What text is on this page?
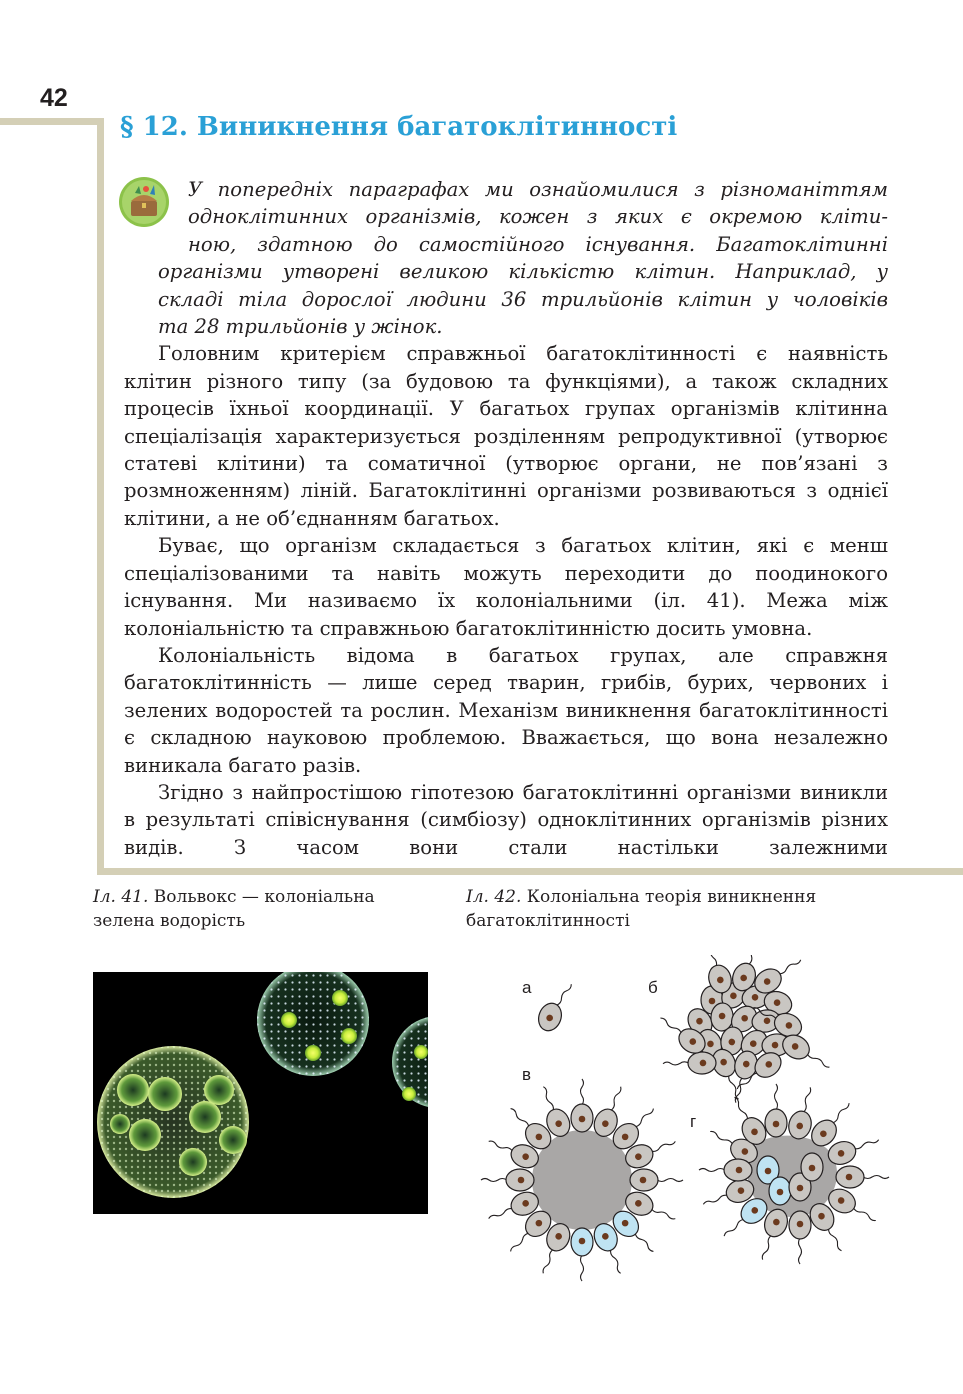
42
§ 12. Виникнення багатоклітинності

У попередніх параграфах ми ознайомилися з різноманіттям
одноклітинних організмів, кожен з яких є окремою кліти-
ною, здатною до самостійного існування. Багатоклітинні
організми утворені великою кількістю клітин. Наприклад, у
складі тіла дорослої людини 36 трильйонів клітин у чоловіків
та 28 трильйонів у жінок.

Головним критерієм справжньої багатоклітинності є наявність клітин різного типу (за будовою та функціями), а також складних процесів їхньої координації. У багатьох групах організмів клітинна спеціалізація характеризується розділенням репродуктивної (утворює статеві клітини) та соматичної (утворює органи, не пов’язані з розмноженням) ліній. Багатоклітинні організми розвиваються з однієї клітини, а не об’єднанням багатьох.

Буває, що організм складається з багатьох клітин, які є менш спеціалізованими та навіть можуть переходити до поодинокого існування. Ми називаємо їх колоніальними (іл. 41). Межа між колоніальністю та справжньою багатоклітинністю досить умовна.

Колоніальність відома в багатьох групах, але справжня багатоклітинність — лише серед тварин, грибів, бурих, червоних і зелених водоростей та рослин. Механізм виникнення багатоклітинності є складною науковою проблемою. Вважається, що вона незалежно виникала багато разів.

Згідно з найпростішою гіпотезою багатоклітинні організми виникли в результаті співіснування (симбіозу) одноклітинних організмів різних видів. З часом вони стали настільки залежними

Іл. 41. Вольвокс — колоніальна зелена водорість
Іл. 42. Колоніальна теорія виникнення багатоклітинності
а	б
в
г
